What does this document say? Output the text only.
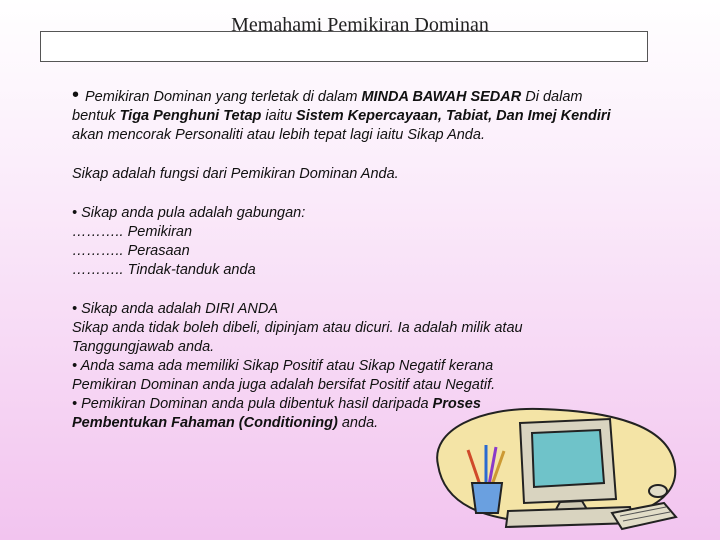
Memahami Pemikiran Dominan

• Pemikiran Dominan yang terletak di dalam MINDA BAWAH SEDAR Di dalam

bentuk Tiga Penghuni Tetap iaitu Sistem Kepercayaan, Tabiat, Dan Imej Kendiri

akan mencorak Personaliti atau lebih tepat lagi iaitu Sikap Anda.

Sikap adalah fungsi dari Pemikiran Dominan Anda.

• Sikap anda pula adalah gabungan:

……….. Pemikiran

……….. Perasaan

……….. Tindak-tanduk anda

• Sikap anda adalah DIRI ANDA

Sikap anda tidak boleh dibeli, dipinjam atau dicuri. Ia adalah milik atau

Tanggungjawab anda.

• Anda sama ada memiliki Sikap Positif atau Sikap Negatif kerana

Pemikiran Dominan anda juga adalah bersifat Positif atau Negatif.

• Pemikiran Dominan anda pula dibentuk hasil daripada Proses

Pembentukan Fahaman (Conditioning) anda.
